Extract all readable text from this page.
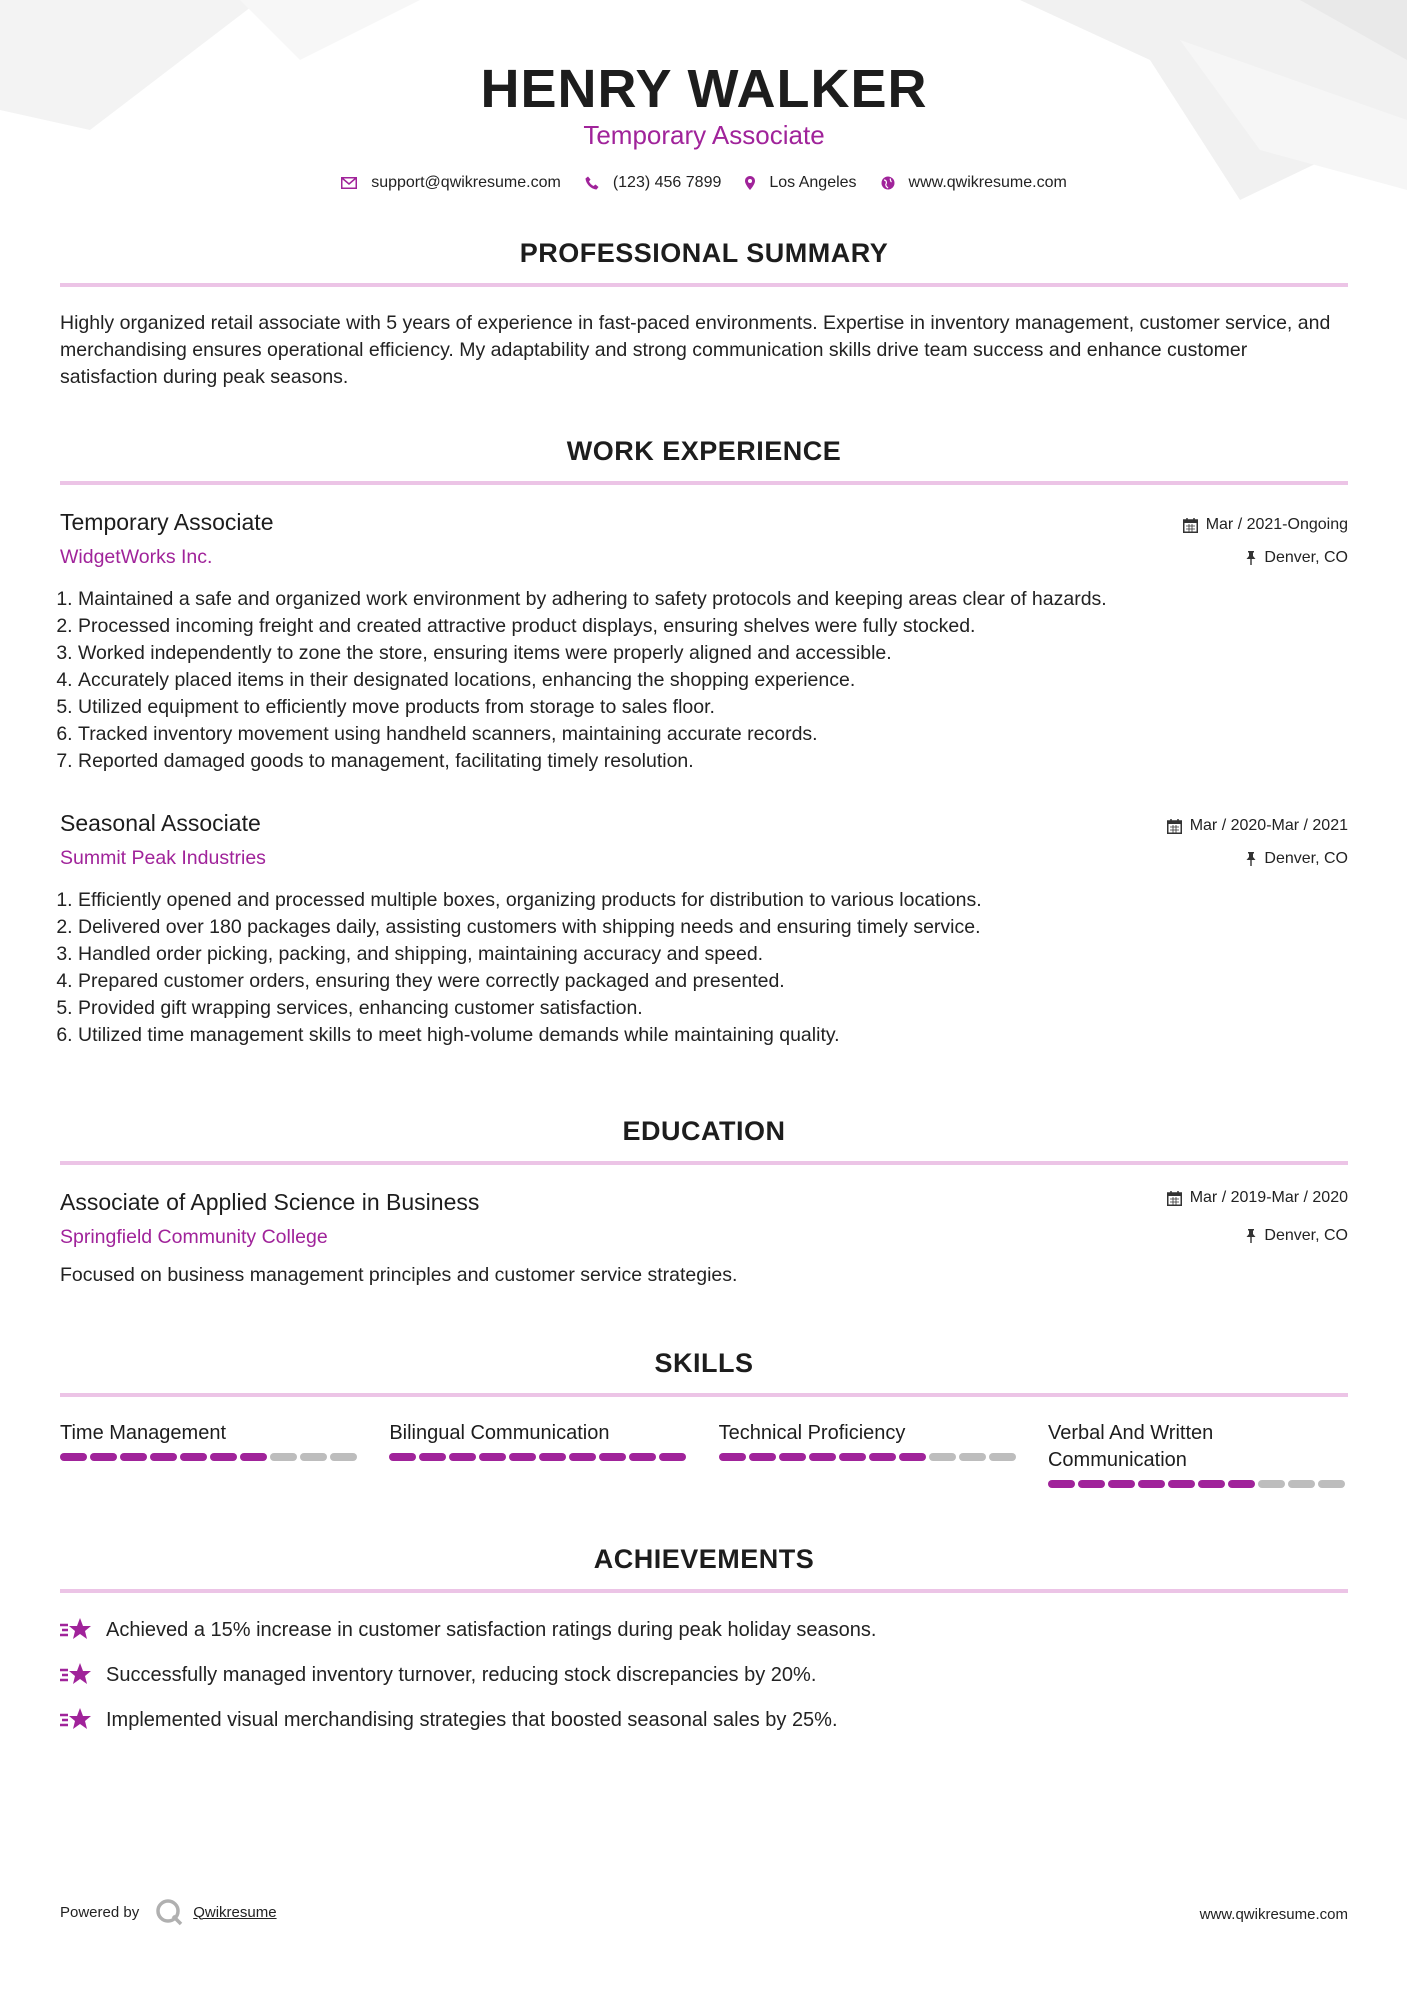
HENRY WALKER
Temporary Associate
support@qwikresume.com	(123) 456 7899	Los Angeles	www.qwikresume.com
PROFESSIONAL SUMMARY
Highly organized retail associate with 5 years of experience in fast-paced environments. Expertise in inventory management, customer service, and merchandising ensures operational efficiency. My adaptability and strong communication skills drive team success and enhance customer satisfaction during peak seasons.
WORK EXPERIENCE
Temporary Associate
WidgetWorks Inc.
Mar / 2021-Ongoing
Denver, CO
1. Maintained a safe and organized work environment by adhering to safety protocols and keeping areas clear of hazards.
2. Processed incoming freight and created attractive product displays, ensuring shelves were fully stocked.
3. Worked independently to zone the store, ensuring items were properly aligned and accessible.
4. Accurately placed items in their designated locations, enhancing the shopping experience.
5. Utilized equipment to efficiently move products from storage to sales floor.
6. Tracked inventory movement using handheld scanners, maintaining accurate records.
7. Reported damaged goods to management, facilitating timely resolution.
Seasonal Associate
Summit Peak Industries
Mar / 2020-Mar / 2021
Denver, CO
1. Efficiently opened and processed multiple boxes, organizing products for distribution to various locations.
2. Delivered over 180 packages daily, assisting customers with shipping needs and ensuring timely service.
3. Handled order picking, packing, and shipping, maintaining accuracy and speed.
4. Prepared customer orders, ensuring they were correctly packaged and presented.
5. Provided gift wrapping services, enhancing customer satisfaction.
6. Utilized time management skills to meet high-volume demands while maintaining quality.
EDUCATION
Associate of Applied Science in Business
Springfield Community College
Mar / 2019-Mar / 2020
Denver, CO
Focused on business management principles and customer service strategies.
SKILLS
Time Management	Bilingual Communication	Technical Proficiency	Verbal And Written Communication
ACHIEVEMENTS
Achieved a 15% increase in customer satisfaction ratings during peak holiday seasons.
Successfully managed inventory turnover, reducing stock discrepancies by 20%.
Implemented visual merchandising strategies that boosted seasonal sales by 25%.
Powered by	Qwikresume	www.qwikresume.com
